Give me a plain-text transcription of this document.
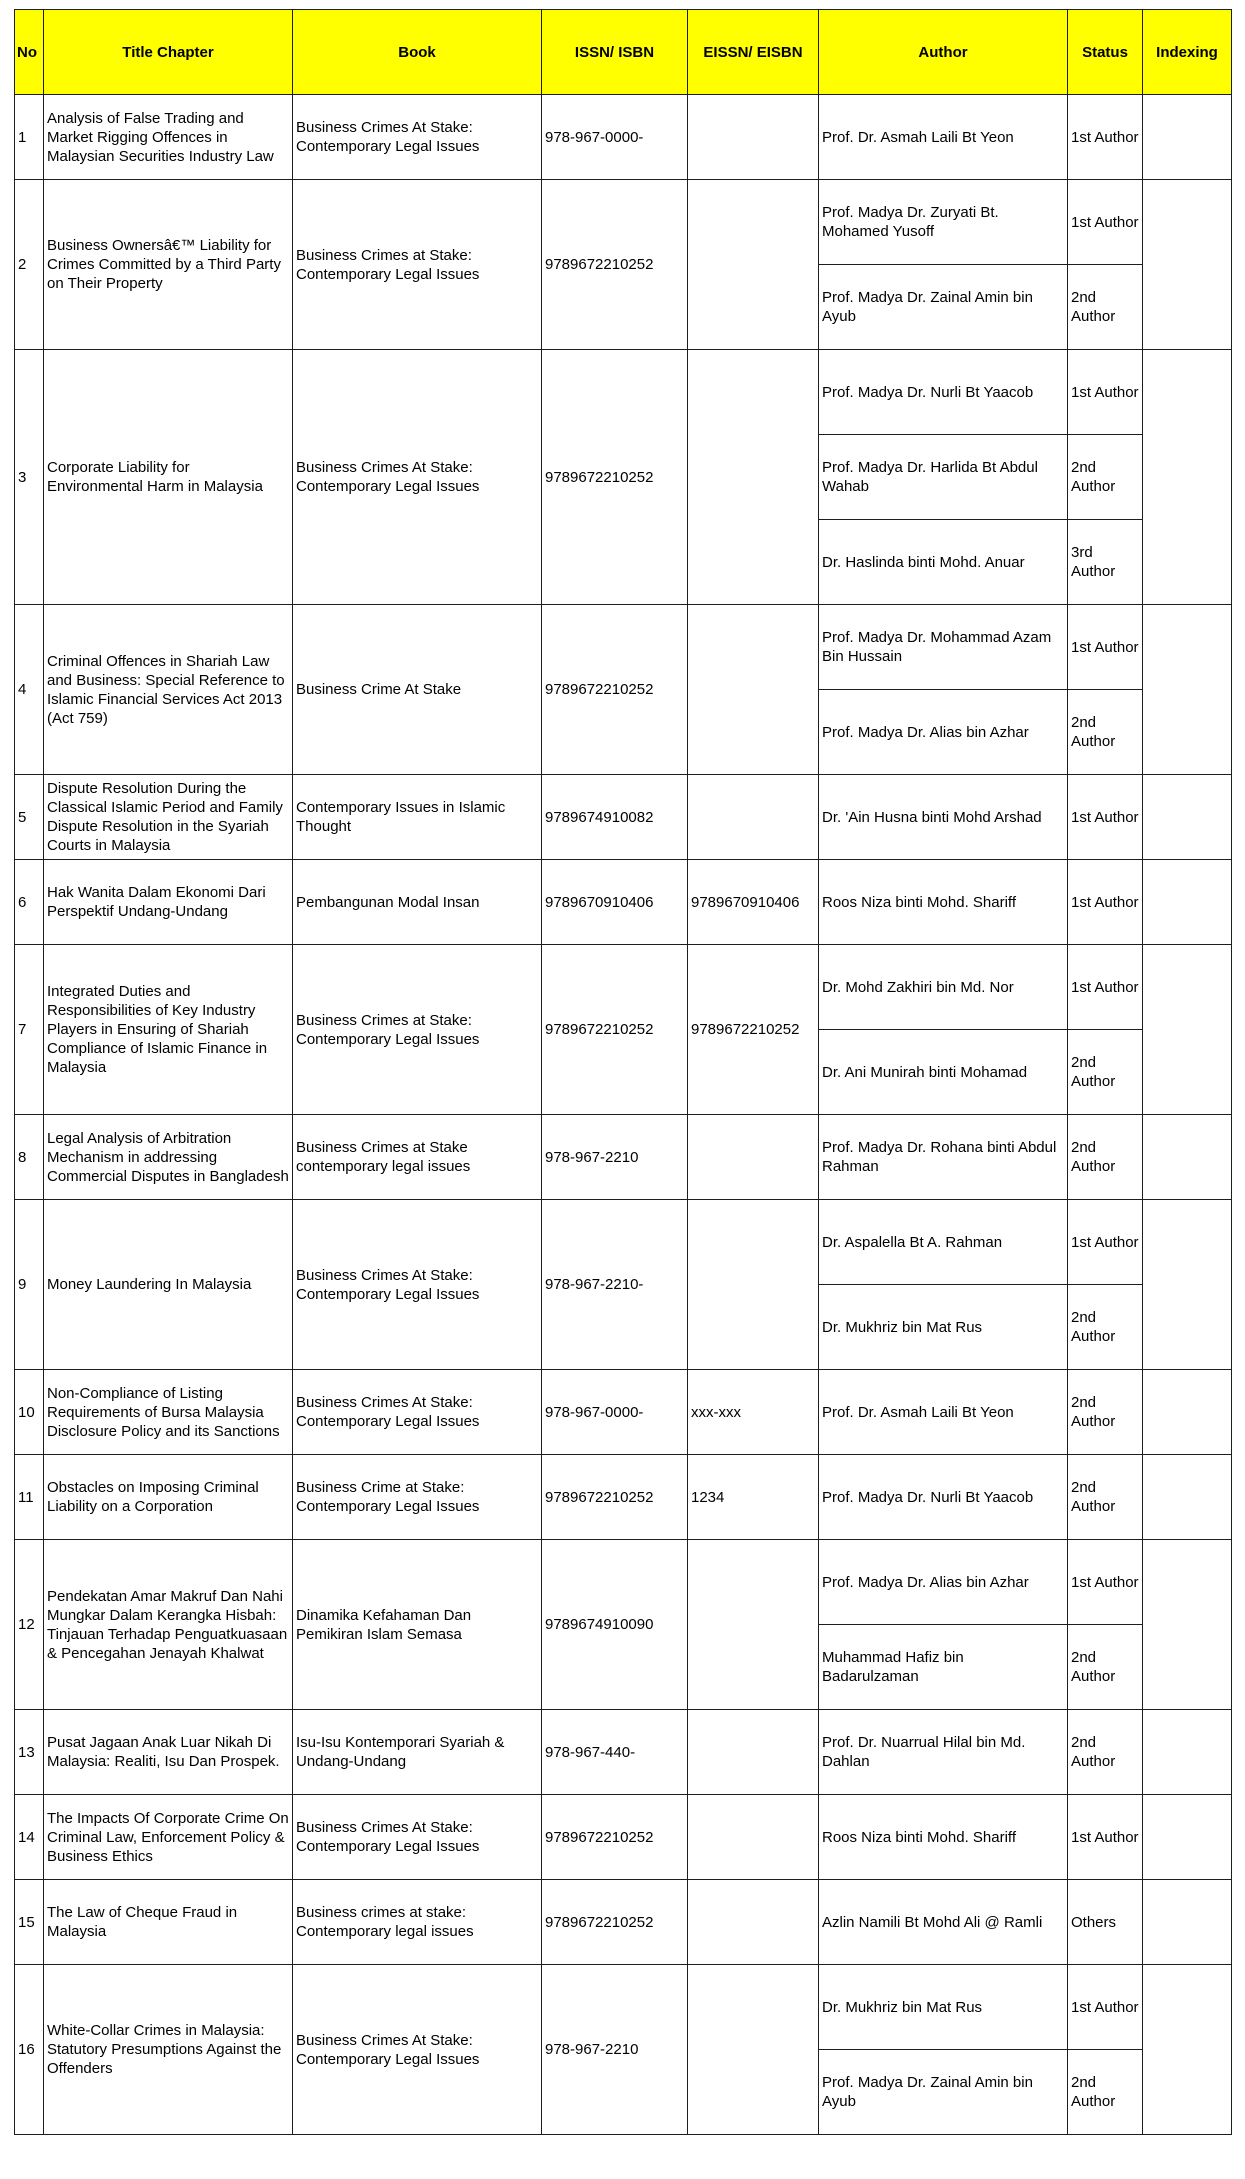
No	Title Chapter	Book	ISSN/ ISBN	EISSN/ EISBN	Author	Status	Indexing
1	Analysis of False Trading and Market Rigging Offences in Malaysian Securities Industry Law	Business Crimes At Stake: Contemporary Legal Issues	978-967-0000-		Prof. Dr. Asmah Laili Bt Yeon	1st Author	
2	Business Ownersâ€™ Liability for Crimes Committed by a Third Party on Their Property	Business Crimes at Stake: Contemporary Legal Issues	9789672210252		Prof. Madya Dr. Zuryati Bt. Mohamed Yusoff	1st Author	
					Prof. Madya Dr. Zainal Amin bin Ayub	2nd Author	
3	Corporate Liability for Environmental Harm in Malaysia	Business Crimes At Stake: Contemporary Legal Issues	9789672210252		Prof. Madya Dr. Nurli Bt Yaacob	1st Author	
					Prof. Madya Dr. Harlida Bt Abdul Wahab	2nd Author	
					Dr. Haslinda binti Mohd. Anuar	3rd Author	
4	Criminal Offences in Shariah Law and Business: Special Reference to Islamic Financial Services Act 2013 (Act 759)	Business Crime At Stake	9789672210252		Prof. Madya Dr. Mohammad Azam Bin Hussain	1st Author	
					Prof. Madya Dr. Alias bin Azhar	2nd Author	
5	Dispute Resolution During the Classical Islamic Period and Family Dispute Resolution in the Syariah Courts in Malaysia	Contemporary Issues in Islamic Thought	9789674910082		Dr. 'Ain Husna binti Mohd Arshad	1st Author	
6	Hak Wanita Dalam Ekonomi Dari Perspektif Undang-Undang	Pembangunan Modal Insan	9789670910406	9789670910406	Roos Niza binti Mohd. Shariff	1st Author	
7	Integrated Duties and Responsibilities of Key Industry Players in Ensuring of Shariah Compliance of Islamic Finance in Malaysia	Business Crimes at Stake: Contemporary Legal Issues	9789672210252	9789672210252	Dr. Mohd Zakhiri bin Md. Nor	1st Author	
					Dr. Ani Munirah binti Mohamad	2nd Author	
8	Legal Analysis of Arbitration Mechanism in addressing Commercial Disputes in Bangladesh	Business Crimes at Stake contemporary legal issues	978-967-2210		Prof. Madya Dr. Rohana binti Abdul Rahman	2nd Author	
9	Money Laundering In Malaysia	Business Crimes At Stake: Contemporary Legal Issues	978-967-2210-		Dr. Aspalella Bt A. Rahman	1st Author	
					Dr. Mukhriz bin Mat Rus	2nd Author	
10	Non-Compliance of Listing Requirements of Bursa Malaysia Disclosure Policy and its Sanctions	Business Crimes At Stake: Contemporary Legal Issues	978-967-0000-	xxx-xxx	Prof. Dr. Asmah Laili Bt Yeon	2nd Author	
11	Obstacles on Imposing Criminal Liability on a Corporation	Business Crime at Stake: Contemporary Legal Issues	9789672210252	1234	Prof. Madya Dr. Nurli Bt Yaacob	2nd Author	
12	Pendekatan Amar Makruf Dan Nahi Mungkar Dalam Kerangka Hisbah: Tinjauan Terhadap Penguatkuasaan & Pencegahan Jenayah Khalwat	Dinamika Kefahaman Dan Pemikiran Islam Semasa	9789674910090		Prof. Madya Dr. Alias bin Azhar	1st Author	
					Muhammad Hafiz bin Badarulzaman	2nd Author	
13	Pusat Jagaan Anak Luar Nikah Di Malaysia: Realiti, Isu Dan Prospek.	Isu-Isu Kontemporari Syariah & Undang-Undang	978-967-440-		Prof. Dr. Nuarrual Hilal bin Md. Dahlan	2nd Author	
14	The Impacts Of Corporate Crime On Criminal Law, Enforcement Policy & Business Ethics	Business Crimes At Stake: Contemporary Legal Issues	9789672210252		Roos Niza binti Mohd. Shariff	1st Author	
15	The Law of Cheque Fraud in Malaysia	Business crimes at stake: Contemporary legal issues	9789672210252		Azlin Namili Bt Mohd Ali @ Ramli	Others	
16	White-Collar Crimes in Malaysia: Statutory Presumptions Against the Offenders	Business Crimes At Stake: Contemporary Legal Issues	978-967-2210		Dr. Mukhriz bin Mat Rus	1st Author	
					Prof. Madya Dr. Zainal Amin bin Ayub	2nd Author	
